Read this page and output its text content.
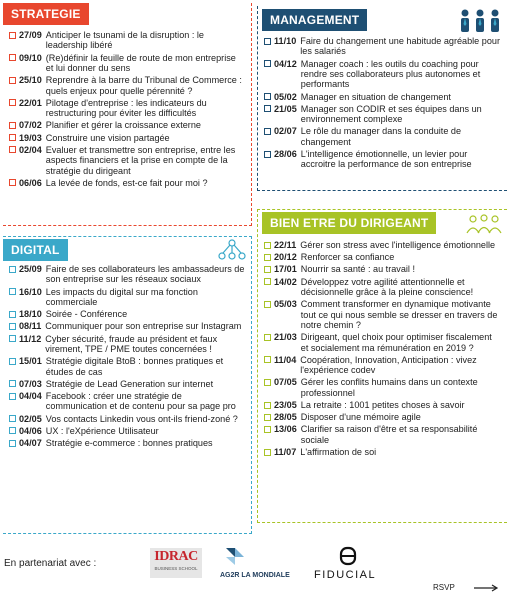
STRATEGIE
27/09 Anticiper le tsunami de la disruption : le leadership libéré
09/10 (Re)définir la feuille de route de mon entreprise et lui donner du sens
25/10 Reprendre à la barre du Tribunal de Commerce : quels enjeux pour quelle pérennité ?
22/01 Pilotage d'entreprise : les indicateurs du restructuring pour éviter les difficultés
07/02 Planifier et gérer la croissance externe
19/03 Construire une vision partagée
02/04 Evaluer et transmettre son entreprise, entre les aspects financiers et la prise en compte de la stratégie du dirigeant
06/06 La levée de fonds, est-ce fait pour moi ?
MANAGEMENT
11/10 Faire du changement une habitude agréable pour les salariés
04/12 Manager coach : les outils du coaching pour rendre ses collaborateurs plus autonomes et performants
05/02 Manager en situation de changement
21/05 Manager son CODIR et ses équipes dans un environnement complexe
02/07 Le rôle du manager dans la conduite de changement
28/06 L'intelligence émotionnelle, un levier pour accroitre la performance de son entreprise
DIGITAL
25/09 Faire de ses collaborateurs les ambassadeurs de son entreprise sur les réseaux sociaux
16/10 Les impacts du digital sur ma fonction commerciale
18/10 Soirée - Conférence
08/11 Communiquer pour son entreprise sur Instagram
11/12 Cyber sécurité, fraude au président et faux virement, TPE / PME toutes concernées !
15/01 Stratégie digitale BtoB : bonnes pratiques et études de cas
07/03 Stratégie de Lead Generation sur internet
04/04 Facebook : créer une stratégie de communication et de contenu pour sa page pro
02/05 Vos contacts Linkedin vous ont-ils friend-zoné ?
04/06 UX : l'eXpérience Utilisateur
04/07 Stratégie e-commerce : bonnes pratiques
BIEN ETRE DU DIRIGEANT
22/11 Gérer son stress avec l'intelligence émotionnelle
20/12 Renforcer sa confiance
17/01 Nourrir sa santé : au travail !
14/02 Développez votre agilité attentionnelle et décisionnelle grâce à la pleine conscience!
05/03 Comment transformer en dynamique motivante tout ce qui nous semble se dresser en travers de notre chemin ?
21/03 Dirigeant, quel choix pour optimiser fiscalement et socialement ma rémunération en 2019 ?
11/04 Coopération, Innovation, Anticipation : vivez l'expérience codev
07/05 Gérer les conflits humains dans un contexte professionnel
23/05 La retraite : 1001 petites choses à savoir
28/05 Disposer d'une mémoire agile
13/06 Clarifier sa raison d'être et sa responsabilité sociale
11/07 L'affirmation de soi
En partenariat avec :	IDRAC
BUSINESS SCHOOL
AG2R LA MONDIALE FIDUCIAL
RSVP
